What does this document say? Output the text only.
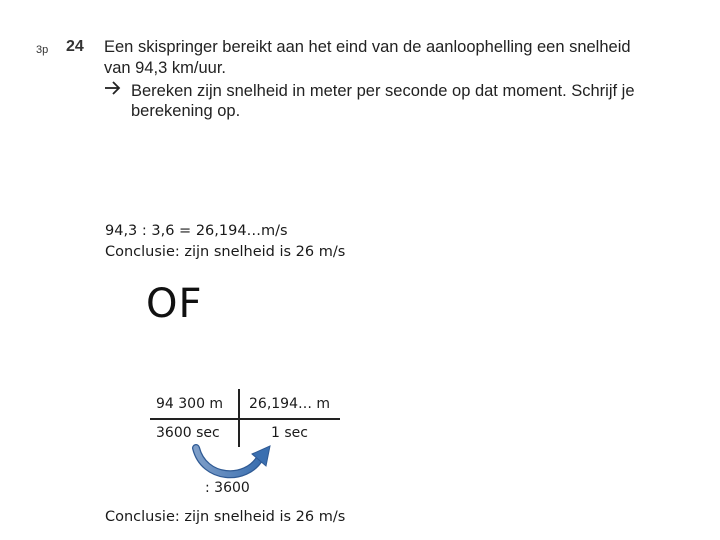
3p 24 Een skispringer bereikt aan het eind van de aanloophelling een snelheid
van 94,3 km/uur.
Bereken zijn snelheid in meter per seconde op dat moment. Schrijf je
berekening op.
94,3 : 3,6 = 26,194…m/s
Conclusie: zijn snelheid is 26 m/s
OF
94 300 m 26,194… m
3600 sec	1 sec
: 3600
Conclusie: zijn snelheid is 26 m/s
